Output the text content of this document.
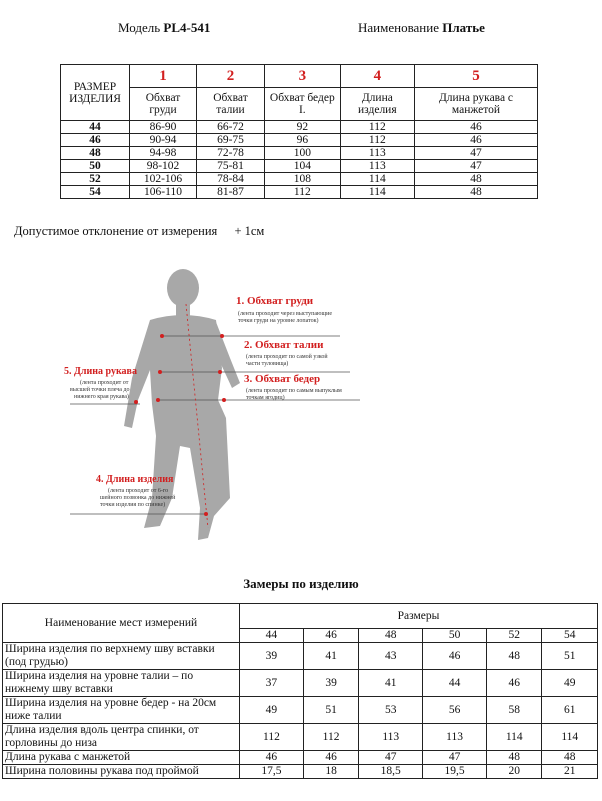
Модель PL4-541	Наименование Платье
РАЗМЕР ИЗДЕЛИЯ	1	2	3	4	5
	Обхват груди	Обхват талии	Обхват бедер I.	Длина изделия	Длина рукава с манжетой
44	86-90	66-72	92	112	46
46	90-94	69-75	96	112	46
48	94-98	72-78	100	113	47
50	98-102	75-81	104	113	47
52	102-106	78-84	108	114	48
54	106-110	81-87	112	114	48
Допустимое отклонение от измерения + 1см
1. Обхват груди
(лента проходит через выступающие
точки груди на уровне лопаток)
2. Обхват талии
(лента проходит по самой узкой
части туловища)
3. Обхват бедер
(лента проходит по самым выпуклым
точкам ягодиц)
4. Длина изделия
(лента проходит от 6-го
шейного позвонка до нижней
точки изделия по спинке)
5. Длина рукава
(лента проходит от
высшей точки плеча до
нижнего края рукава)
Замеры по изделию
Наименование мест измерений	Размеры					
	44	46	48	50	52	54
Ширина изделия по верхнему шву вставки (под грудью)	39	41	43	46	48	51
Ширина изделия на уровне талии – по нижнему шву вставки	37	39	41	44	46	49
Ширина изделия на уровне бедер - на 20см ниже талии	49	51	53	56	58	61
Длина изделия вдоль центра спинки, от горловины до низа	112	112	113	113	114	114
Длина рукава с манжетой	46	46	47	47	48	48
Ширина половины рукава под проймой	17,5	18	18,5	19,5	20	21
